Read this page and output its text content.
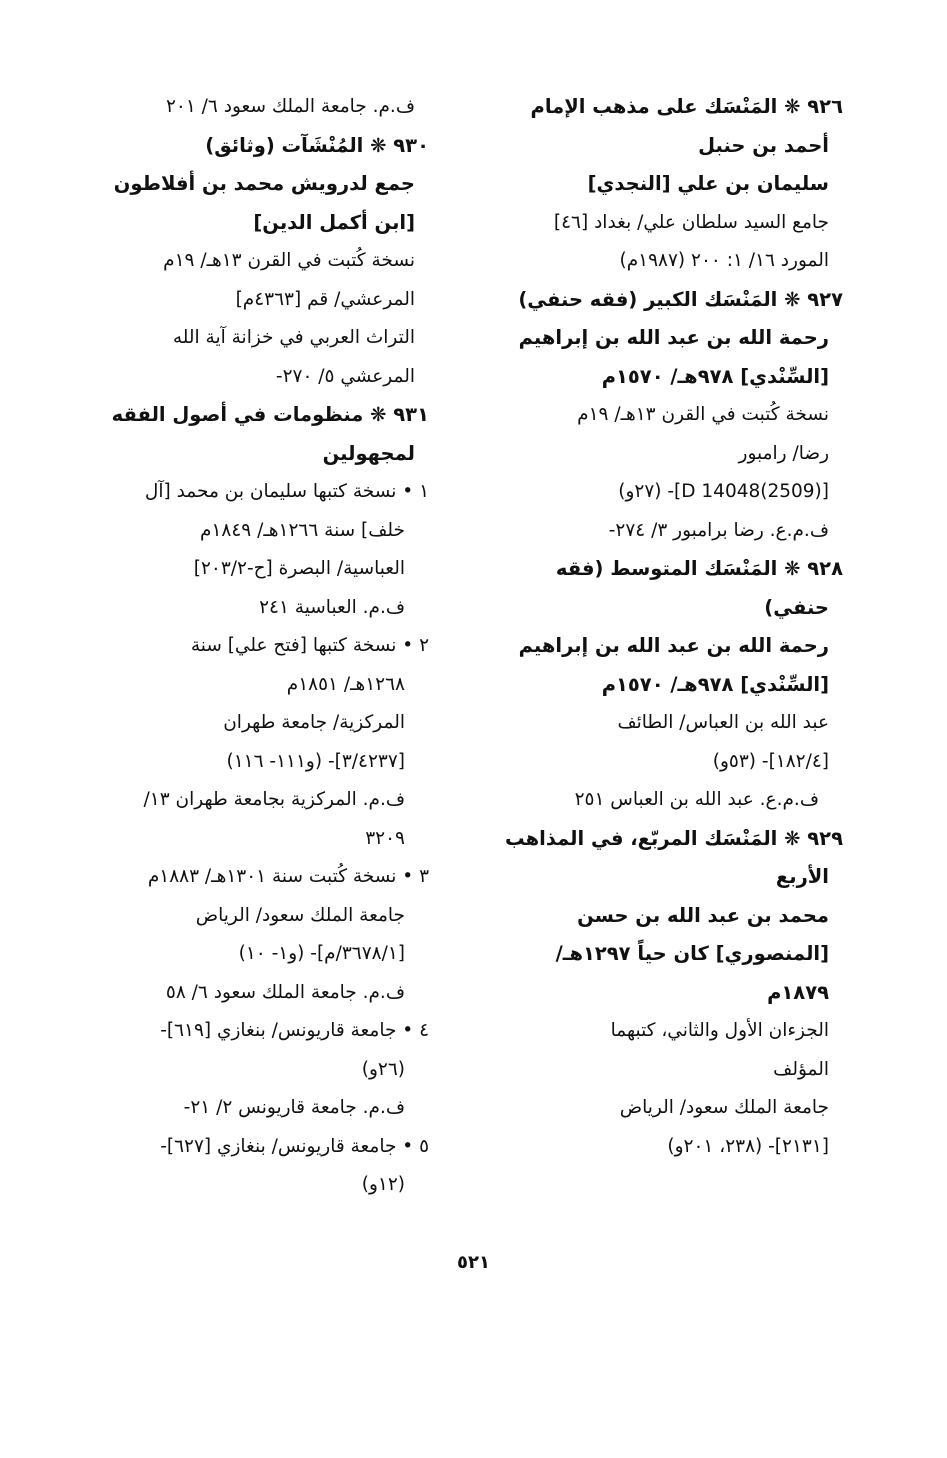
٩٢٦ ❋ المَنْسَك على مذهب الإمام
أحمد بن حنبل
سليمان بن علي [النجدي]
جامع السيد سلطان علي/ بغداد [٤٦]
المورد ١٦/ ١: ٢٠٠ (١٩٨٧م)
٩٢٧ ❋ المَنْسَك الكبير (فقه حنفي)
رحمة الله بن عبد الله بن إبراهيم
[السِّنْدي] ٩٧٨هـ/ ١٥٧٠م
نسخة كُتبت في القرن ١٣هـ/ ١٩م
رضا/ رامبور
[D 14048(2509)]- (٢٧و)
ف.م.ع. رضا برامبور ٣/ ٢٧٤-
٩٢٨ ❋ المَنْسَك المتوسط (فقه
حنفي)
رحمة الله بن عبد الله بن إبراهيم
[السِّنْدي] ٩٧٨هـ/ ١٥٧٠م
عبد الله بن العباس/ الطائف
[١٨٢/٤]- (٥٣و)
ف.م.ع. عبد الله بن العباس ٢٥١
٩٢٩ ❋ المَنْسَك المربّع، في المذاهب
الأربع
محمد بن عبد الله بن حسن
[المنصوري] كان حياً ١٢٩٧هـ/
١٨٧٩م
الجزءان الأول والثاني، كتبهما
المؤلف
جامعة الملك سعود/ الرياض
[٢١٣١]- (٢٣٨، ٢٠١و)
ف.م. جامعة الملك سعود ٦/ ٢٠١
٩٣٠ ❋ المُنْشَآت (وثائق)
جمع لدرويش محمد بن أفلاطون
[ابن أكمل الدين]
نسخة كُتبت في القرن ١٣هـ/ ١٩م
المرعشي/ قم [٤٣٦٣م]
التراث العربي في خزانة آية الله
المرعشي ٥/ ٢٧٠-
٩٣١ ❋ منظومات في أصول الفقه
لمجهولين
١ • نسخة كتبها سليمان بن محمد [آل
خلف] سنة ١٢٦٦هـ/ ١٨٤٩م
العباسية/ البصرة [ح-٢٠٣/٢]
ف.م. العباسية ٢٤١
٢ • نسخة كتبها [فتح علي] سنة
١٢٦٨هـ/ ١٨٥١م
المركزية/ جامعة طهران
[٣/٤٢٣٧]- (و١١١- ١١٦)
ف.م. المركزية بجامعة طهران ١٣/
٣٢٠٩
٣ • نسخة كُتبت سنة ١٣٠١هـ/ ١٨٨٣م
جامعة الملك سعود/ الرياض
[٣٦٧٨/١/م]- (و١- ١٠)
ف.م. جامعة الملك سعود ٦/ ٥٨
٤ • جامعة قاريونس/ بنغازي [٦١٩]-
(٢٦و)
ف.م. جامعة قاريونس ٢/ ٢١-
٥ • جامعة قاريونس/ بنغازي [٦٢٧]-
(١٢و)
٥٢١
